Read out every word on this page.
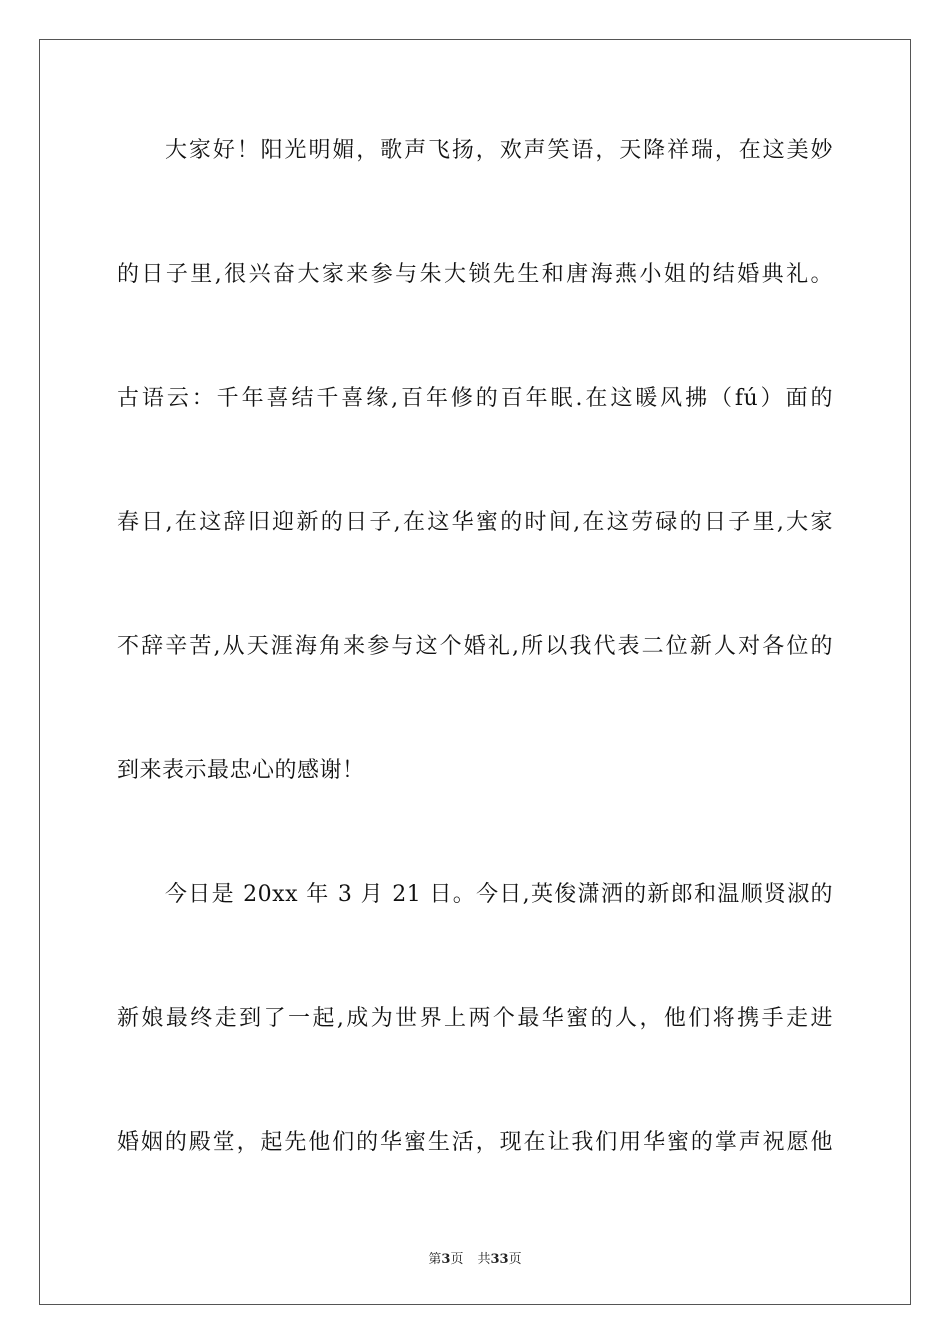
大家好！阳光明媚，歌声飞扬，欢声笑语，天降祥瑞，在这美妙
的日子里,很兴奋大家来参与朱大锁先生和唐海燕小姐的结婚典礼。
古语云：千年喜结千喜缘,百年修的百年眠.在这暖风拂（fú）面的
春日,在这辞旧迎新的日子,在这华蜜的时间,在这劳碌的日子里,大家
不辞辛苦,从天涯海角来参与这个婚礼,所以我代表二位新人对各位的
到来表示最忠心的感谢！
今日是 20xx 年 3 月 21 日。今日,英俊潇洒的新郎和温顺贤淑的
新娘最终走到了一起,成为世界上两个最华蜜的人，他们将携手走进
婚姻的殿堂，起先他们的华蜜生活，现在让我们用华蜜的掌声祝愿他
第3页 共33页
